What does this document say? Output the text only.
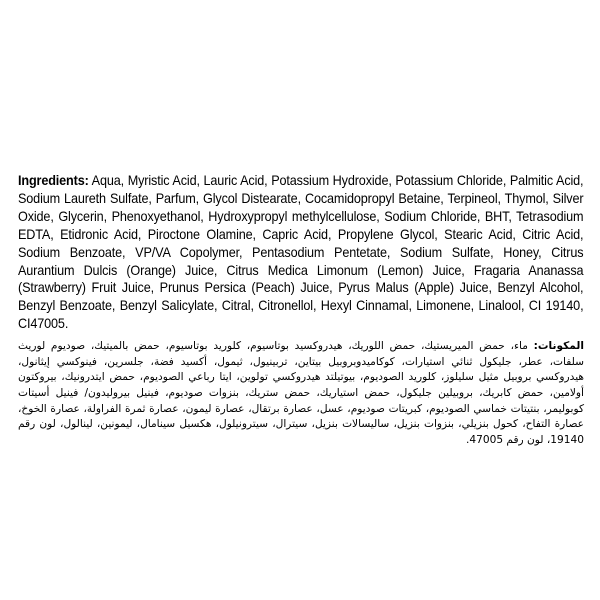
Ingredients: Aqua, Myristic Acid, Lauric Acid, Potassium Hydroxide, Potassium Chloride, Palmitic Acid, Sodium Laureth Sulfate, Parfum, Glycol Distearate, Cocamidopropyl Betaine, Terpineol, Thymol, Silver Oxide, Glycerin, Phenoxyethanol, Hydroxypropyl methylcellulose, Sodium Chloride, BHT, Tetrasodium EDTA, Etidronic Acid, Piroctone Olamine, Capric Acid, Propylene Glycol, Stearic Acid, Citric Acid, Sodium Benzoate, VP/VA Copolymer, Pentasodium Pentetate, Sodium Sulfate, Honey, Citrus Aurantium Dulcis (Orange) Juice, Citrus Medica Limonum (Lemon) Juice, Fragaria Ananassa (Strawberry) Fruit Juice, Prunus Persica (Peach) Juice, Pyrus Malus (Apple) Juice, Benzyl Alcohol, Benzyl Benzoate, Benzyl Salicylate, Citral, Citronellol, Hexyl Cinnamal, Limonene, Linalool, CI 19140, CI47005.
المكونات: ماء، حمض الميريستيك، حمض اللوريك، هيدروكسيد بوتاسيوم، كلوريد بوتاسيوم، حمض بالميتيك، صوديوم لوريث سلفات، عطر، جليكول ثنائي استيارات، كوكاميدوبروبيل بيتاين، تربينيول، ثيمول، أكسيد فضة، جلسرين، فينوكسي إيثانول، هيدروكسي بروبيل مثيل سليلوز، كلوريد الصوديوم، بيوتيلتد هيدروكسي تولوين، ايتا رباعي الصوديوم، حمض ايتدرونيك، بيروكتون أولامين، حمض كابريك، بروبيلين جليكول، حمض استياريك، حمض ستريك، بنزوات صوديوم، فينيل بيروليدون/ فينيل أسيتات كوبوليمر، بنتيتات خماسي الصوديوم، كبريتات صوديوم، عسل، عصارة برتقال، عصارة ليمون، عصارة ثمرة الفراولة، عصارة الخوخ، عصارة التفاح، كحول بنزيلي، بنزوات بنزيل، ساليسالات بنزيل، سيترال، سيترونيلول، هكسيل سينامال، ليمونين، لينالول، لون رقم 19140، لون رقم 47005.
